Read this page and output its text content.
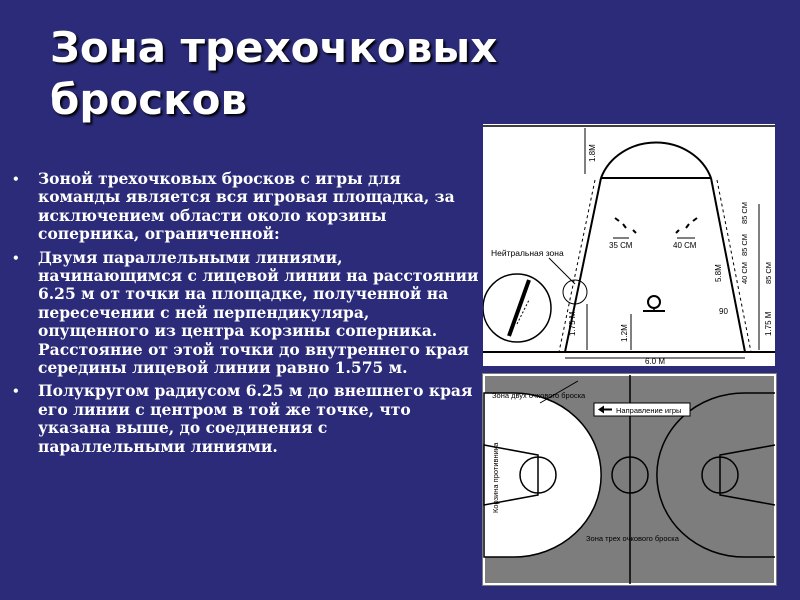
Зона трехочковых бросков
• Зоной трехочковых бросков с игры для команды является вся игровая площадка, за исключением области около корзины соперника, ограниченной:
• Двумя параллельными линиями, начинающимся с лицевой линии на расстоянии 6.25 м от точки на площадке, полученной на пересечении с ней перпендикуляра, опущенного из центра корзины соперника. Расстояние от этой точки до внутреннего края середины лицевой линии равно 1.575 м.
• Полукругом радиусом 6.25 м до внешнего края его линии с центром в той же точке, что указана выше, до соединения с параллельными линиями.
1.8М
35 СМ	40 СМ
Нейтральная зона
5.8М
1.75 М	1.2М
6.0 М
90
85 СМ
85 СМ
40 СМ 85 СМ
1.75 М
Зона двух очкового броска
Направление игры
Корзина противника
Зона трех очкового броска
